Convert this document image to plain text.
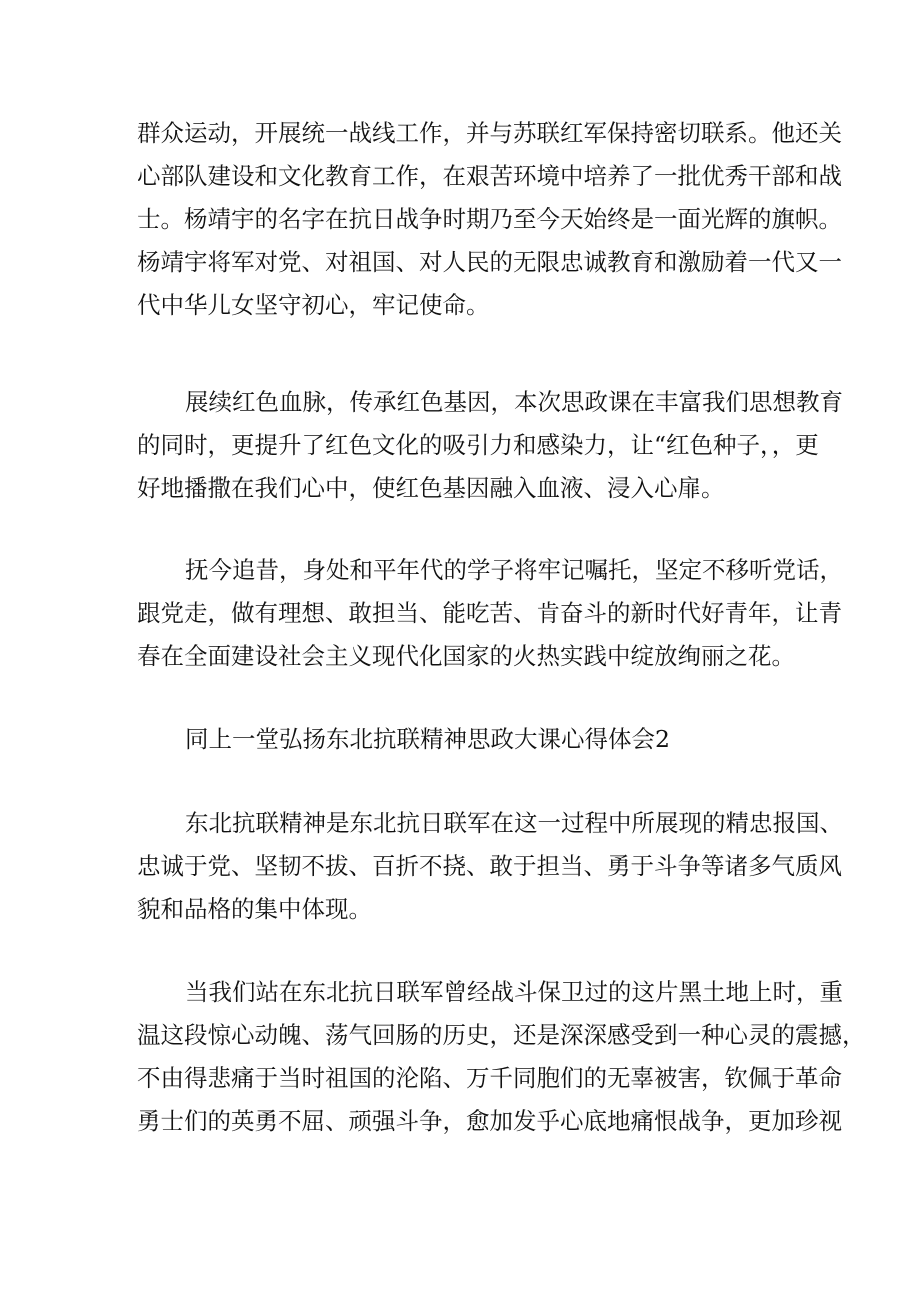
群众运动，开展统一战线工作，并与苏联红军保持密切联系。他还关
心部队建设和文化教育工作，在艰苦环境中培养了一批优秀干部和战
士。杨靖宇的名字在抗日战争时期乃至今天始终是一面光辉的旗帜。
杨靖宇将军对党、对祖国、对人民的无限忠诚教育和激励着一代又一
代中华儿女坚守初心，牢记使命。
展续红色血脉，传承红色基因，本次思政课在丰富我们思想教育
的同时，更提升了红色文化的吸引力和感染力，让“红色种子，，更
好地播撒在我们心中，使红色基因融入血液、浸入心扉。
抚今追昔，身处和平年代的学子将牢记嘱托，坚定不移听党话，
跟党走，做有理想、敢担当、能吃苦、肯奋斗的新时代好青年，让青
春在全面建设社会主义现代化国家的火热实践中绽放绚丽之花。
同上一堂弘扬东北抗联精神思政大课心得体会2
东北抗联精神是东北抗日联军在这一过程中所展现的精忠报国、
忠诚于党、坚韧不拔、百折不挠、敢于担当、勇于斗争等诸多气质风
貌和品格的集中体现。
当我们站在东北抗日联军曾经战斗保卫过的这片黑土地上时，重
温这段惊心动魄、荡气回肠的历史，还是深深感受到一种心灵的震撼，
不由得悲痛于当时祖国的沦陷、万千同胞们的无辜被害，钦佩于革命
勇士们的英勇不屈、顽强斗争，愈加发乎心底地痛恨战争，更加珍视
